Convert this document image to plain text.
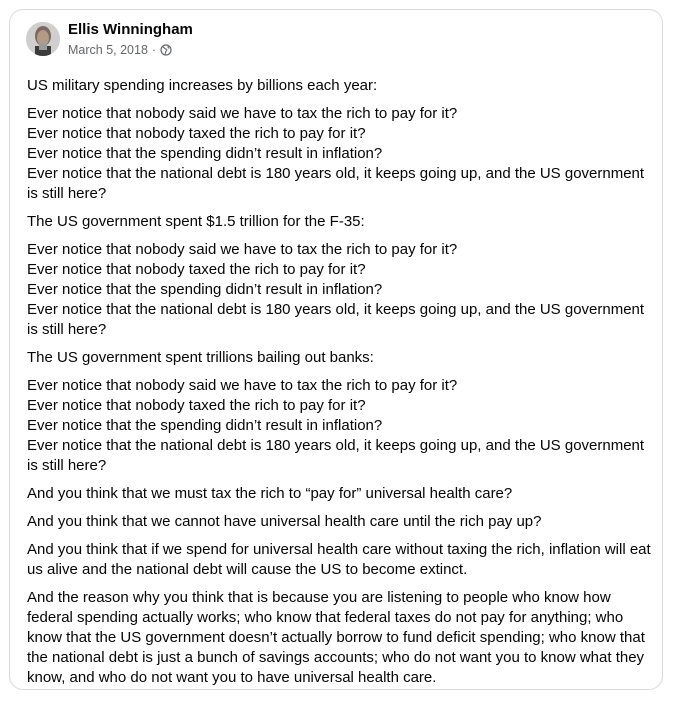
Ellis Winningham
March 5, 2018 ·
US military spending increases by billions each year:
Ever notice that nobody said we have to tax the rich to pay for it?
Ever notice that nobody taxed the rich to pay for it?
Ever notice that the spending didn’t result in inflation?
Ever notice that the national debt is 180 years old, it keeps going up, and the US government is still here?
The US government spent $1.5 trillion for the F-35:
Ever notice that nobody said we have to tax the rich to pay for it?
Ever notice that nobody taxed the rich to pay for it?
Ever notice that the spending didn’t result in inflation?
Ever notice that the national debt is 180 years old, it keeps going up, and the US government is still here?
The US government spent trillions bailing out banks:
Ever notice that nobody said we have to tax the rich to pay for it?
Ever notice that nobody taxed the rich to pay for it?
Ever notice that the spending didn’t result in inflation?
Ever notice that the national debt is 180 years old, it keeps going up, and the US government is still here?
And you think that we must tax the rich to “pay for” universal health care?
And you think that we cannot have universal health care until the rich pay up?
And you think that if we spend for universal health care without taxing the rich, inflation will eat us alive and the national debt will cause the US to become extinct.
And the reason why you think that is because you are listening to people who know how federal spending actually works; who know that federal taxes do not pay for anything; who know that the US government doesn’t actually borrow to fund deficit spending; who know that the national debt is just a bunch of savings accounts; who do not want you to know what they know, and who do not want you to have universal health care.
